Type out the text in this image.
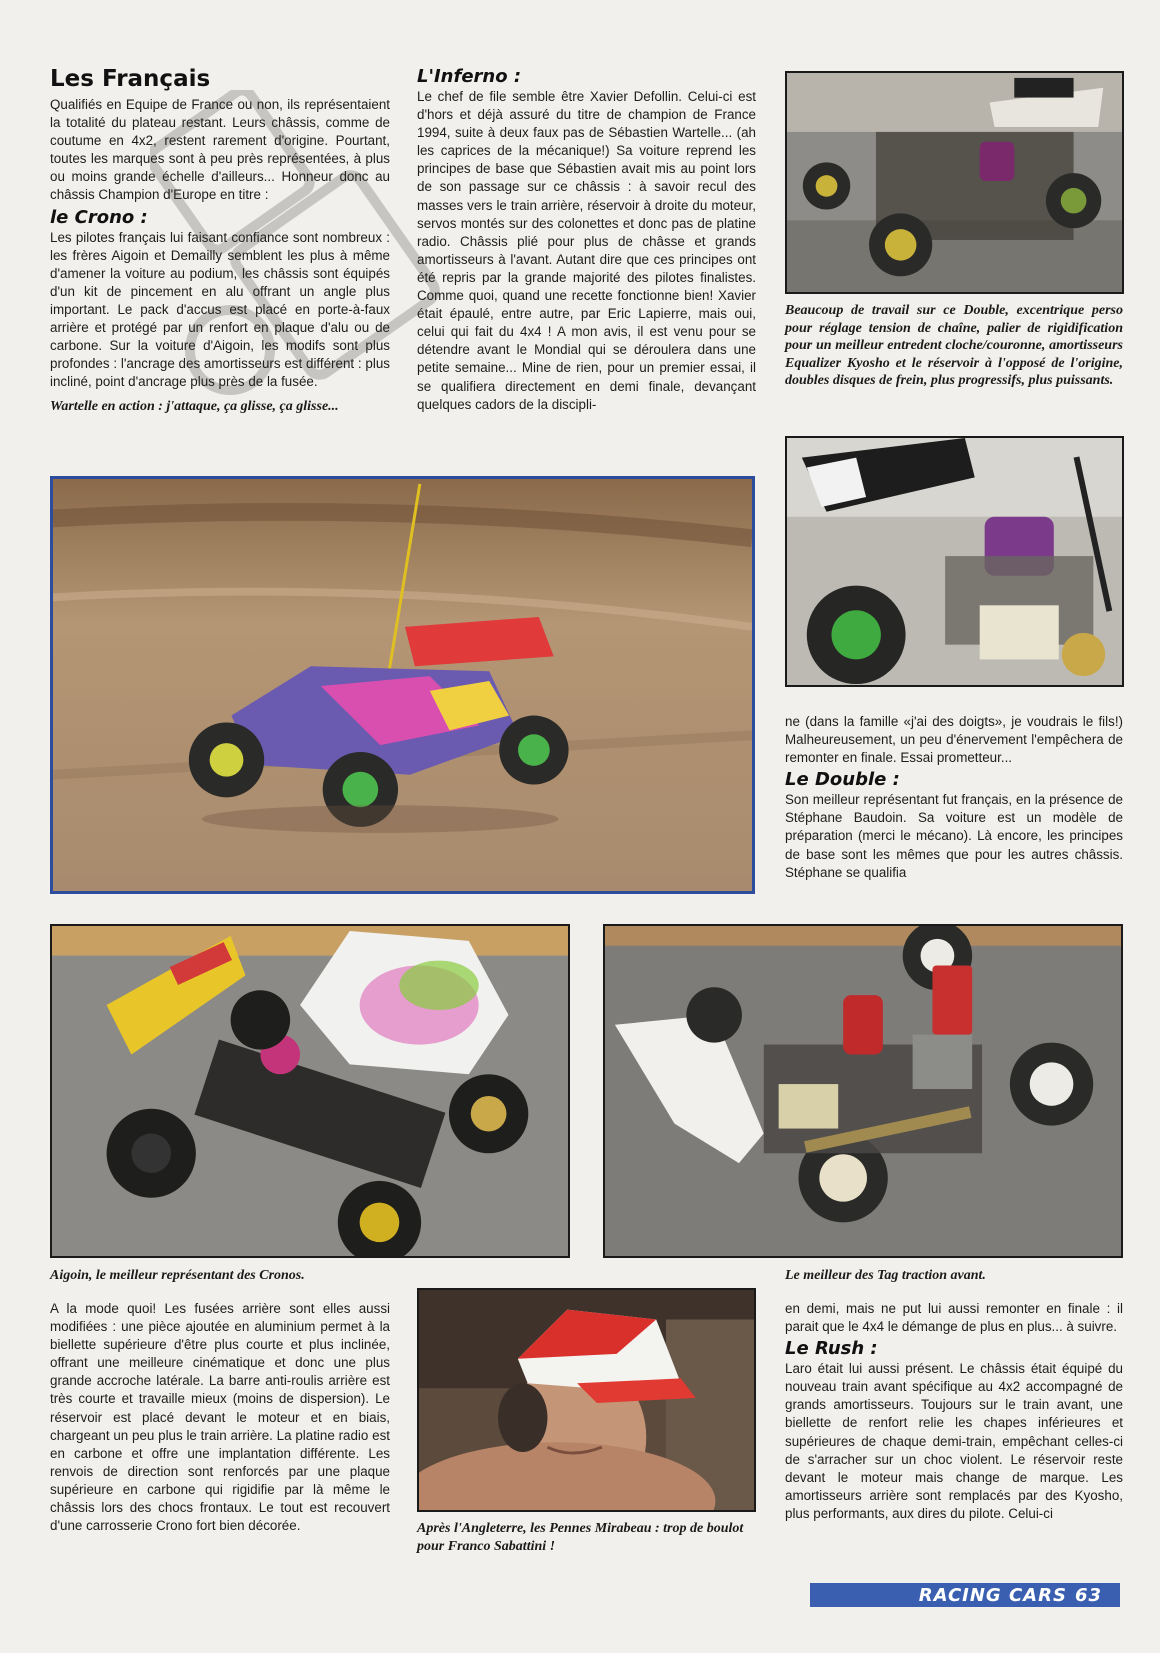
Les Français

Qualifiés en Equipe de France ou non, ils représentaient la totalité du plateau restant. Leurs châssis, comme de coutume en 4x2, restent rarement d'origine. Pourtant, toutes les marques sont à peu près représentées, à plus ou moins grande échelle d'ailleurs... Honneur donc au châssis Champion d'Europe en titre :

le Crono :

Les pilotes français lui faisant confiance sont nombreux : les frères Aigoin et Demailly semblent les plus à même d'amener la voiture au podium, les châssis sont équipés d'un kit de pincement en alu offrant un angle plus important. Le pack d'accus est placé en porte-à-faux arrière et protégé par un renfort en plaque d'alu ou de carbone. Sur la voiture d'Aigoin, les modifs sont plus profondes : l'ancrage des amortisseurs est différent : plus incliné, point d'ancrage plus près de la fusée.

Wartelle en action : j'attaque, ça glisse, ça glisse...

L'Inferno :

Le chef de file semble être Xavier Defollin. Celui-ci est d'hors et déjà assuré du titre de champion de France 1994, suite à deux faux pas de Sébastien Wartelle... (ah les caprices de la mécanique!) Sa voiture reprend les principes de base que Sébastien avait mis au point lors de son passage sur ce châssis : à savoir recul des masses vers le train arrière, réservoir à droite du moteur, servos montés sur des colonettes et donc pas de platine radio. Châssis plié pour plus de châsse et grands amortisseurs à l'avant. Autant dire que ces principes ont été repris par la grande majorité des pilotes finalistes. Comme quoi, quand une recette fonctionne bien! Xavier était épaulé, entre autre, par Eric Lapierre, mais oui, celui qui fait du 4x4 ! A mon avis, il est venu pour se détendre avant le Mondial qui se déroulera dans une petite semaine... Mine de rien, pour un premier essai, il se qualifiera directement en demi finale, devançant quelques cadors de la discipli-

Beaucoup de travail sur ce Double, excentrique perso pour réglage tension de chaîne, palier de rigidification pour un meilleur entredent cloche/couronne, amortisseurs Equalizer Kyosho et le réservoir à l'opposé de l'origine, doubles disques de frein, plus progressifs, plus puissants.

ne (dans la famille «j'ai des doigts», je voudrais le fils!) Malheureusement, un peu d'énervement l'empêchera de remonter en finale. Essai prometteur...

Le Double :

Son meilleur représentant fut français, en la présence de Stéphane Baudoin. Sa voiture est un modèle de préparation (merci le mécano). Là encore, les principes de base sont les mêmes que pour les autres châssis. Stéphane se qualifia

Aigoin, le meilleur représentant des Cronos.	Le meilleur des Tag traction avant.

A la mode quoi! Les fusées arrière sont elles aussi modifiées : une pièce ajoutée en aluminium permet à la biellette supérieure d'être plus courte et plus inclinée, offrant une meilleure cinématique et donc une plus grande accroche latérale. La barre anti-roulis arrière est très courte et travaille mieux (moins de dispersion). Le réservoir est placé devant le moteur et en biais, chargeant un peu plus le train arrière. La platine radio est en carbone et offre une implantation différente. Les renvois de direction sont renforcés par une plaque supérieure en carbone qui rigidifie par là même le châssis lors des chocs frontaux. Le tout est recouvert d'une carrosserie Crono fort bien décorée.	Après l'Angleterre, les Pennes Mirabeau : trop de boulot pour Franco Sabattini !

en demi, mais ne put lui aussi remonter en finale : il parait que le 4x4 le démange de plus en plus... à suivre.

Le Rush :

Laro était lui aussi présent. Le châssis était équipé du nouveau train avant spécifique au 4x2 accompagné de grands amortisseurs. Toujours sur le train avant, une biellette de renfort relie les chapes inférieures et supérieures de chaque demi-train, empêchant celles-ci de s'arracher sur un choc violent. Le réservoir reste devant le moteur mais change de marque. Les amortisseurs arrière sont remplacés par des Kyosho, plus performants, aux dires du pilote. Celui-ci

RACING CARS 63
